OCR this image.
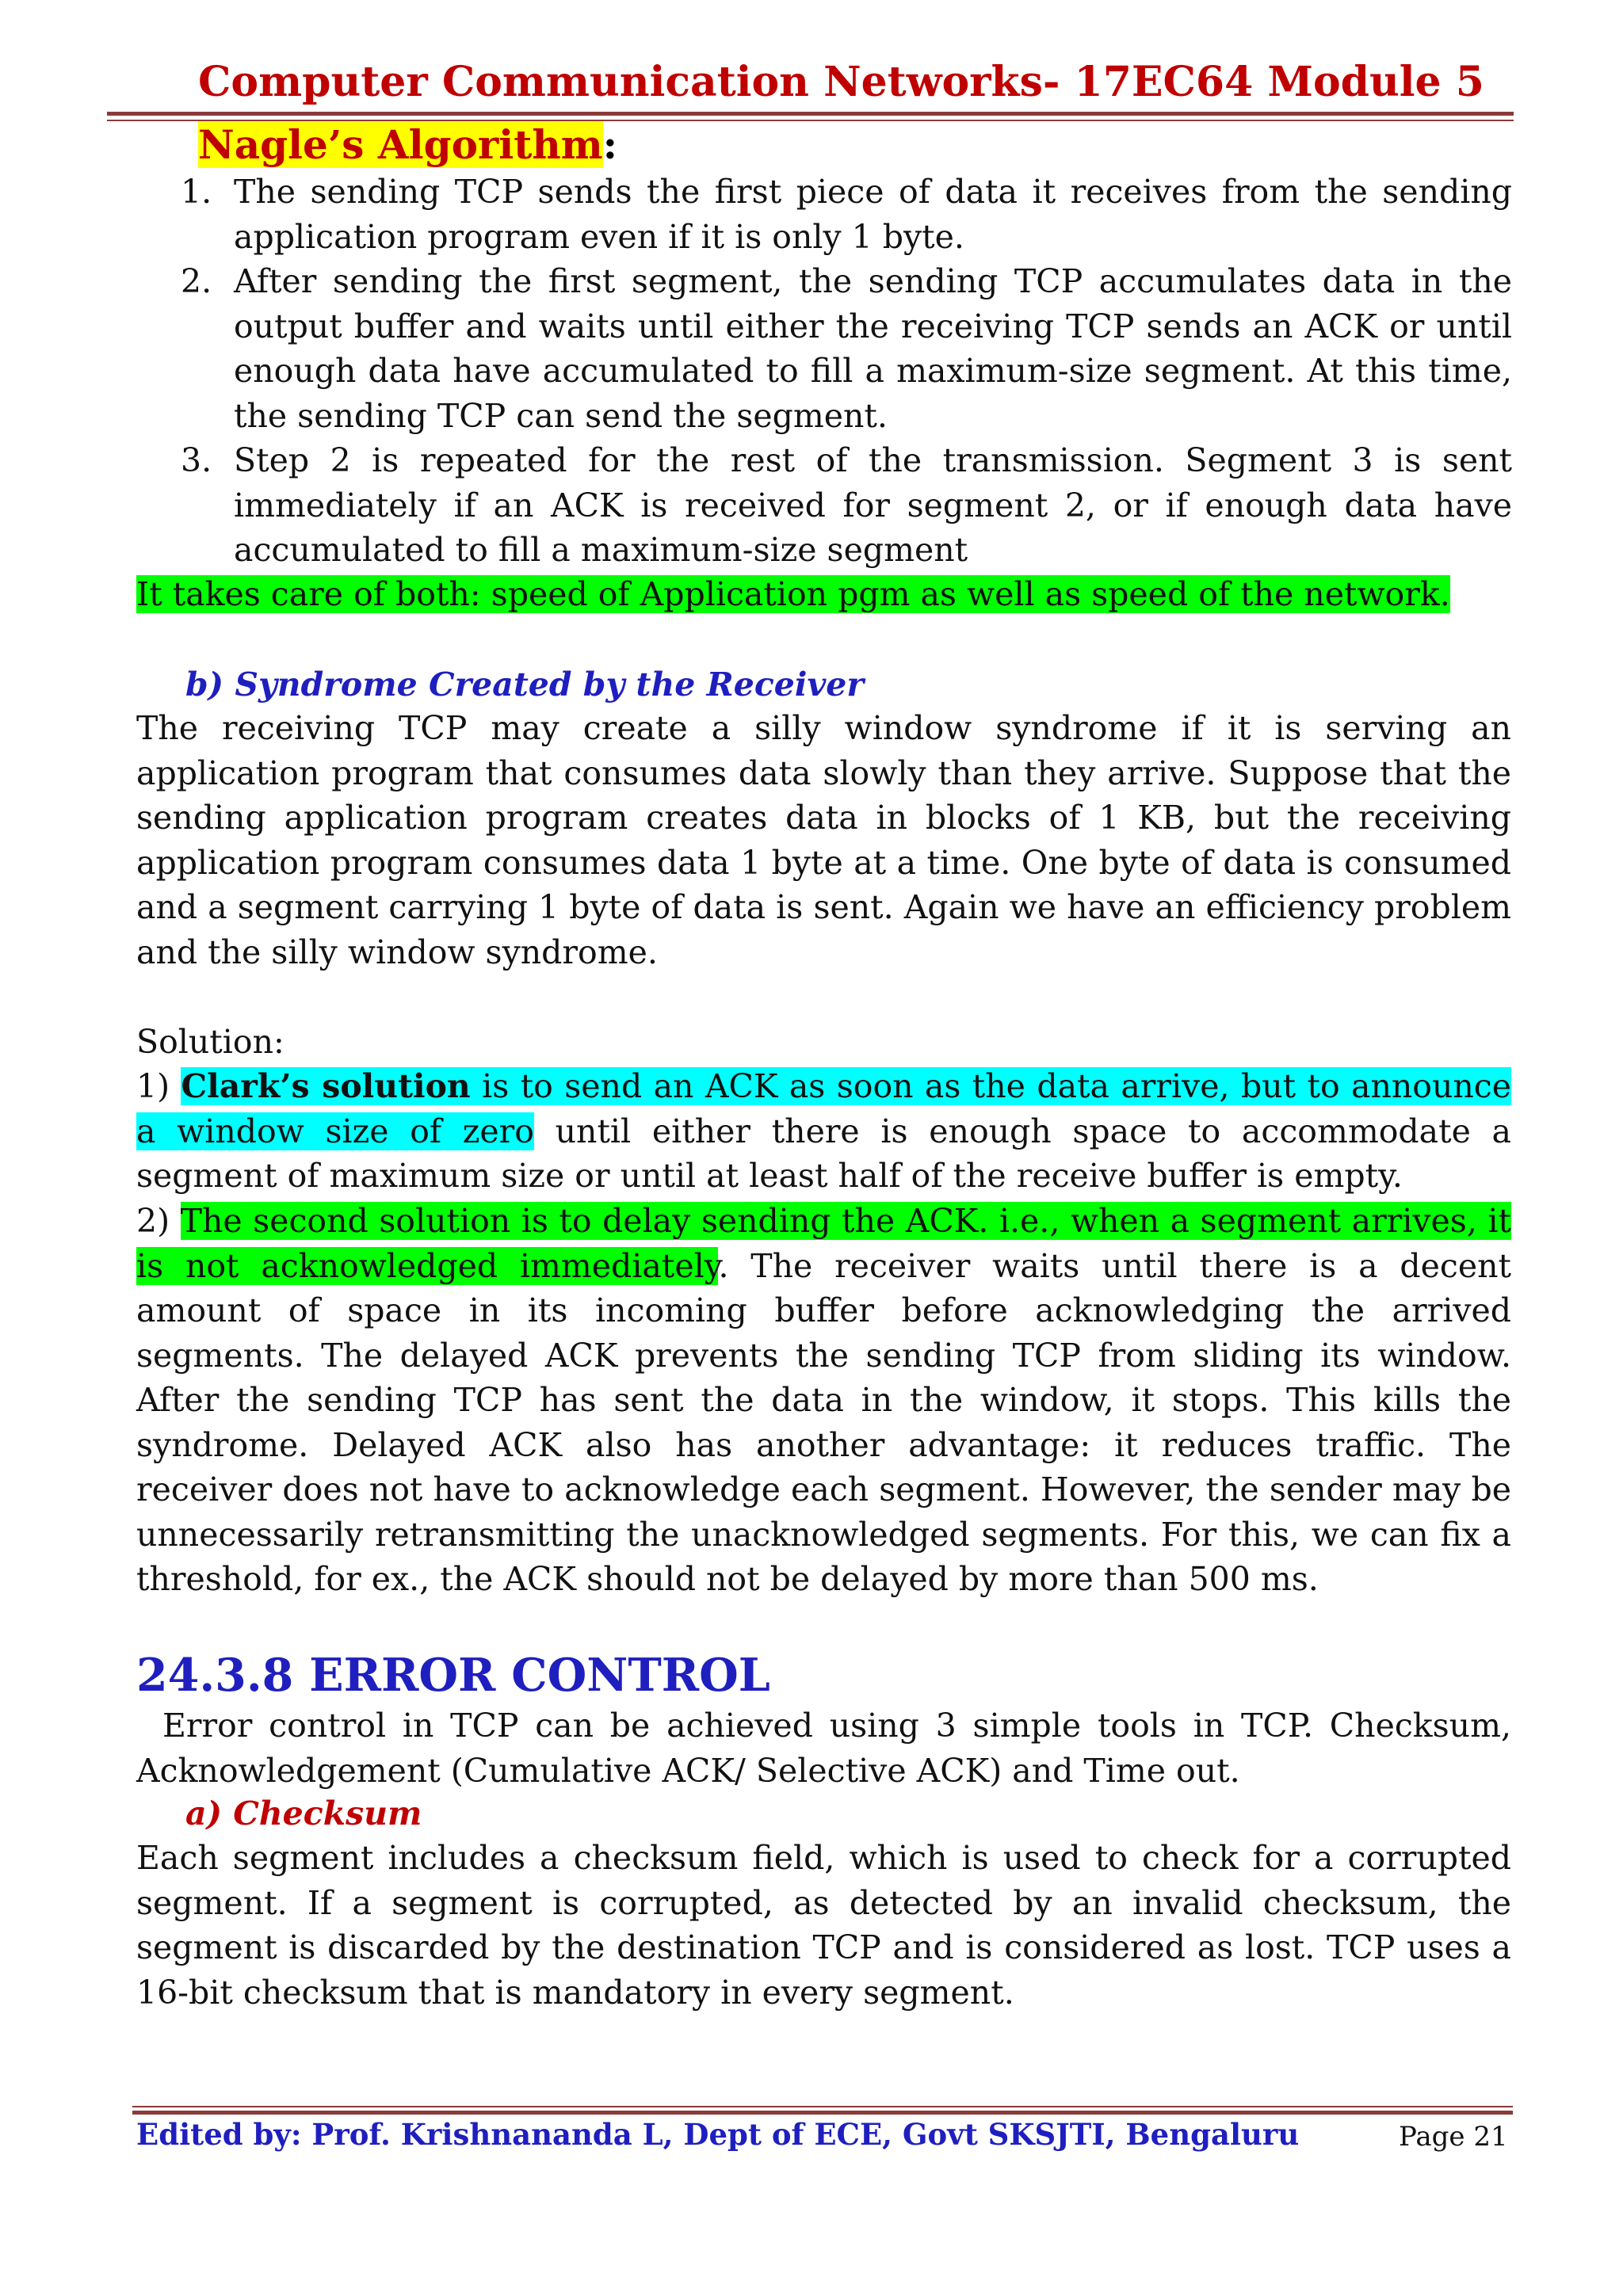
Computer Communication Networks- 17EC64 Module 5
Nagle’s Algorithm:
1. The sending TCP sends the first piece of data it receives from the sending application program even if it is only 1 byte.
2. After sending the first segment, the sending TCP accumulates data in the output buffer and waits until either the receiving TCP sends an ACK or until enough data have accumulated to fill a maximum-size segment. At this time, the sending TCP can send the segment.
3. Step 2 is repeated for the rest of the transmission. Segment 3 is sent immediately if an ACK is received for segment 2, or if enough data have accumulated to fill a maximum-size segment
It takes care of both: speed of Application pgm as well as speed of the network.
b) Syndrome Created by the Receiver

The receiving TCP may create a silly window syndrome if it is serving an application program that consumes data slowly than they arrive. Suppose that the sending application program creates data in blocks of 1 KB, but the receiving application program consumes data 1 byte at a time. One byte of data is consumed and a segment carrying 1 byte of data is sent. Again we have an efficiency problem and the silly window syndrome.

Solution:

1) Clark’s solution is to send an ACK as soon as the data arrive, but to announce a window size of zero until either there is enough space to accommodate a segment of maximum size or until at least half of the receive buffer is empty.

2) The second solution is to delay sending the ACK. i.e., when a segment arrives, it is not acknowledged immediately. The receiver waits until there is a decent amount of space in its incoming buffer before acknowledging the arrived segments. The delayed ACK prevents the sending TCP from sliding its window. After the sending TCP has sent the data in the window, it stops. This kills the syndrome. Delayed ACK also has another advantage: it reduces traffic. The receiver does not have to acknowledge each segment. However, the sender may be unnecessarily retransmitting the unacknowledged segments. For this, we can fix a threshold, for ex., the ACK should not be delayed by more than 500 ms.

24.3.8 ERROR CONTROL

Error control in TCP can be achieved using 3 simple tools in TCP. Checksum, Acknowledgement (Cumulative ACK/ Selective ACK) and Time out.

a) Checksum

Each segment includes a checksum field, which is used to check for a corrupted segment. If a segment is corrupted, as detected by an invalid checksum, the segment is discarded by the destination TCP and is considered as lost. TCP uses a 16-bit checksum that is mandatory in every segment.

Edited by: Prof. Krishnananda L, Dept of ECE, Govt SKSJTI, Bengaluru	Page 21
